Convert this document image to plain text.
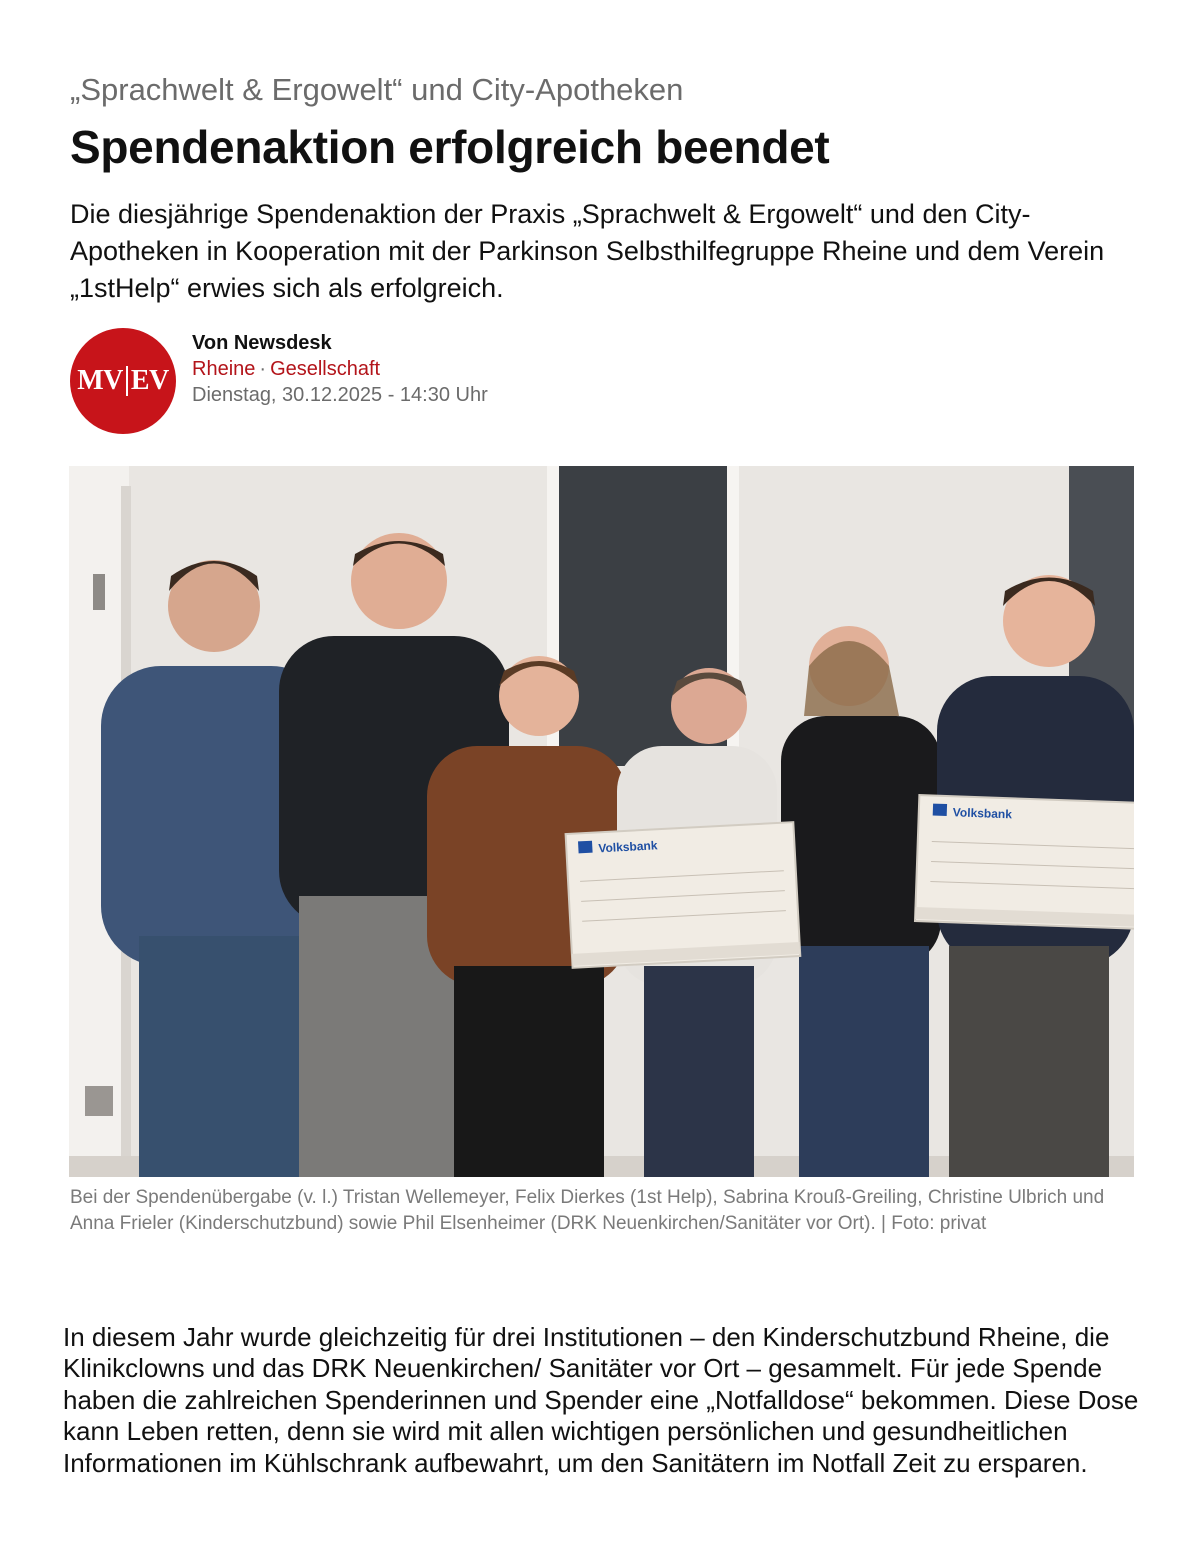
„Sprachwelt & Ergowelt“ und City-Apotheken
Spendenaktion erfolgreich beendet
Die diesjährige Spendenaktion der Praxis „Sprachwelt & Ergowelt“ und den City-Apotheken in Kooperation mit der Parkinson Selbsthilfegruppe Rheine und dem Verein „1stHelp“ erwies sich als erfolgreich.
MV EV
Von Newsdesk
Rheine · Gesellschaft
Dienstag, 30.12.2025 - 14:30 Uhr
Volksbank
Volksbank
Bei der Spendenübergabe (v. l.) Tristan Wellemeyer, Felix Dierkes (1st Help), Sabrina Krouß-Greiling, Christine Ulbrich und Anna Frieler (Kinderschutzbund) sowie Phil Elsenheimer (DRK Neuenkirchen/Sanitäter vor Ort). | Foto: privat
In diesem Jahr wurde gleichzeitig für drei Institutionen – den Kinderschutzbund Rheine, die Klinikclowns und das DRK Neuenkirchen/ Sanitäter vor Ort – gesammelt. Für jede Spende haben die zahlreichen Spenderinnen und Spender eine „Notfalldose“ bekommen. Diese Dose kann Leben retten, denn sie wird mit allen wichtigen persönlichen und gesundheitlichen Informationen im Kühlschrank aufbewahrt, um den Sanitätern im Notfall Zeit zu ersparen.
